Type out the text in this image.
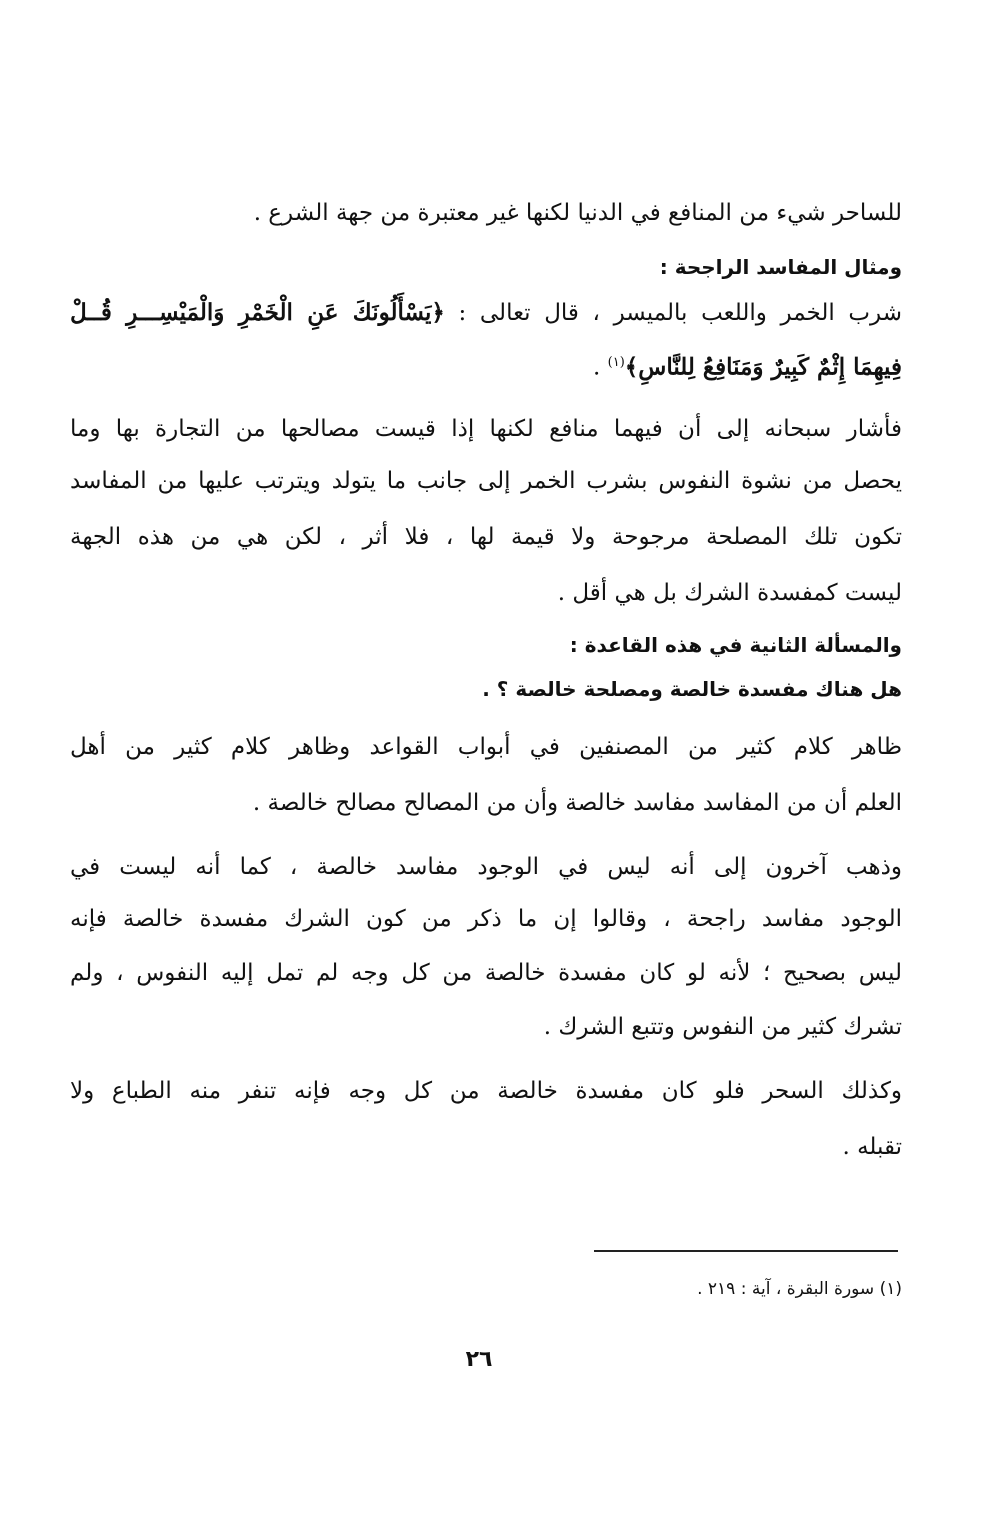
للساحر شيء من المنافع في الدنيا لكنها غير معتبرة من جهة الشرع .
ومثال المفاسد الراجحة :
شرب الخمر واللعب بالميسر ، قال تعالى : ﴿يَسْأَلُونَكَ عَنِ الْخَمْرِ وَالْمَيْسِـــرِ قُــلْ
فِيهِمَا إِثْمٌ كَبِيرٌ وَمَنَافِعُ لِلنَّاسِ﴾$^{(١)}$ .
فأشار سبحانه إلى أن فيهما منافع لكنها إذا قيست مصالحها من التجارة بها وما
يحصل من نشوة النفوس بشرب الخمر إلى جانب ما يتولد ويترتب عليها من المفاسد
تكون تلك المصلحة مرجوحة ولا قيمة لها ، فلا أثر ، لكن هي من هذه الجهة
ليست كمفسدة الشرك بل هي أقل .
والمسألة الثانية في هذه القاعدة :
هل هناك مفسدة خالصة ومصلحة خالصة ؟ .
ظاهر كلام كثير من المصنفين في أبواب القواعد وظاهر كلام كثير من أهل
العلم أن من المفاسد مفاسد خالصة وأن من المصالح مصالح خالصة .
وذهب آخرون إلى أنه ليس في الوجود مفاسد خالصة ، كما أنه ليست في
الوجود مفاسد راجحة ، وقالوا إن ما ذكر من كون الشرك مفسدة خالصة فإنه
ليس بصحيح ؛ لأنه لو كان مفسدة خالصة من كل وجه لم تمل إليه النفوس ، ولم
تشرك كثير من النفوس وتتبع الشرك .
وكذلك السحر فلو كان مفسدة خالصة من كل وجه فإنه تنفر منه الطباع ولا
تقبله .
(١) سورة البقرة ، آية : ٢١٩ .
٢٦
